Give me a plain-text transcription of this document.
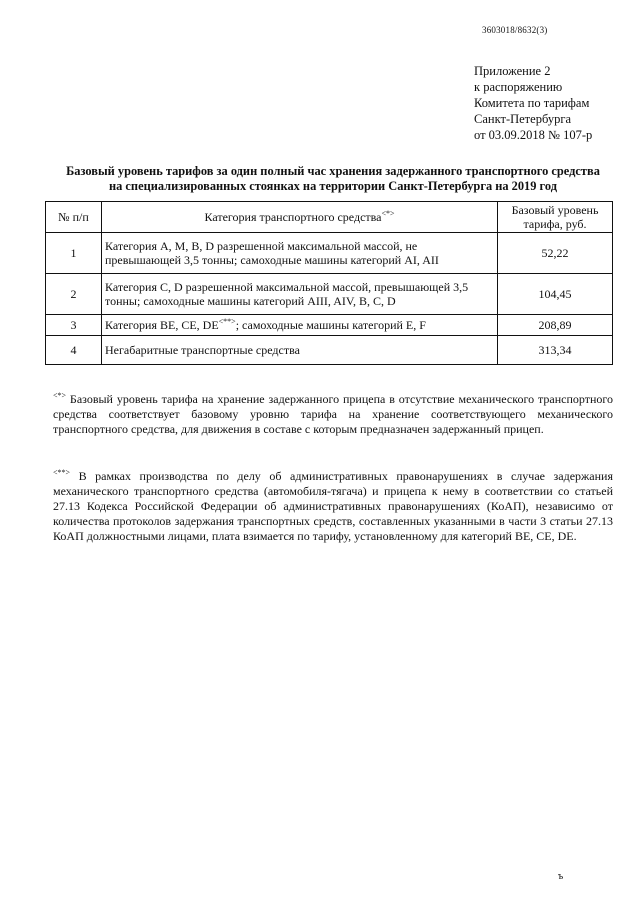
3603018/8632(3)
Приложение 2
к распоряжению
Комитета по тарифам
Санкт-Петербурга
от 03.09.2018 № 107-р
Базовый уровень тарифов за один полный час хранения задержанного транспортного средства
на специализированных стоянках на территории Санкт-Петербурга на 2019 год
№ п/п	Категория транспортного средства<*>	Базовый уровень тарифа, руб.
1	Категория A, M, B, D разрешенной максимальной массой, не превышающей 3,5 тонны; самоходные машины категорий AI, AII	52,22
2	Категория C, D разрешенной максимальной массой, превышающей 3,5 тонны; самоходные машины категорий AIII, AIV, B, C, D	104,45
3	Категория BE, CE, DE<**>; самоходные машины категорий E, F	208,89
4	Негабаритные транспортные средства	313,34
<*> Базовый уровень тарифа на хранение задержанного прицепа в отсутствие механического транспортного средства соответствует базовому уровню тарифа на хранение соответствующего механического транспортного средства, для движения в составе с которым предназначен задержанный прицеп.
<**> В рамках производства по делу об административных правонарушениях в случае задержания механического транспортного средства (автомобиля-тягача) и прицепа к нему в соответствии со статьей 27.13 Кодекса Российской Федерации об административных правонарушениях (КоАП), независимо от количества протоколов задержания транспортных средств, составленных указанными в части 3 статьи 27.13 КоАП должностными лицами, плата взимается по тарифу, установленному для категорий BE, CE, DE.
ъ
